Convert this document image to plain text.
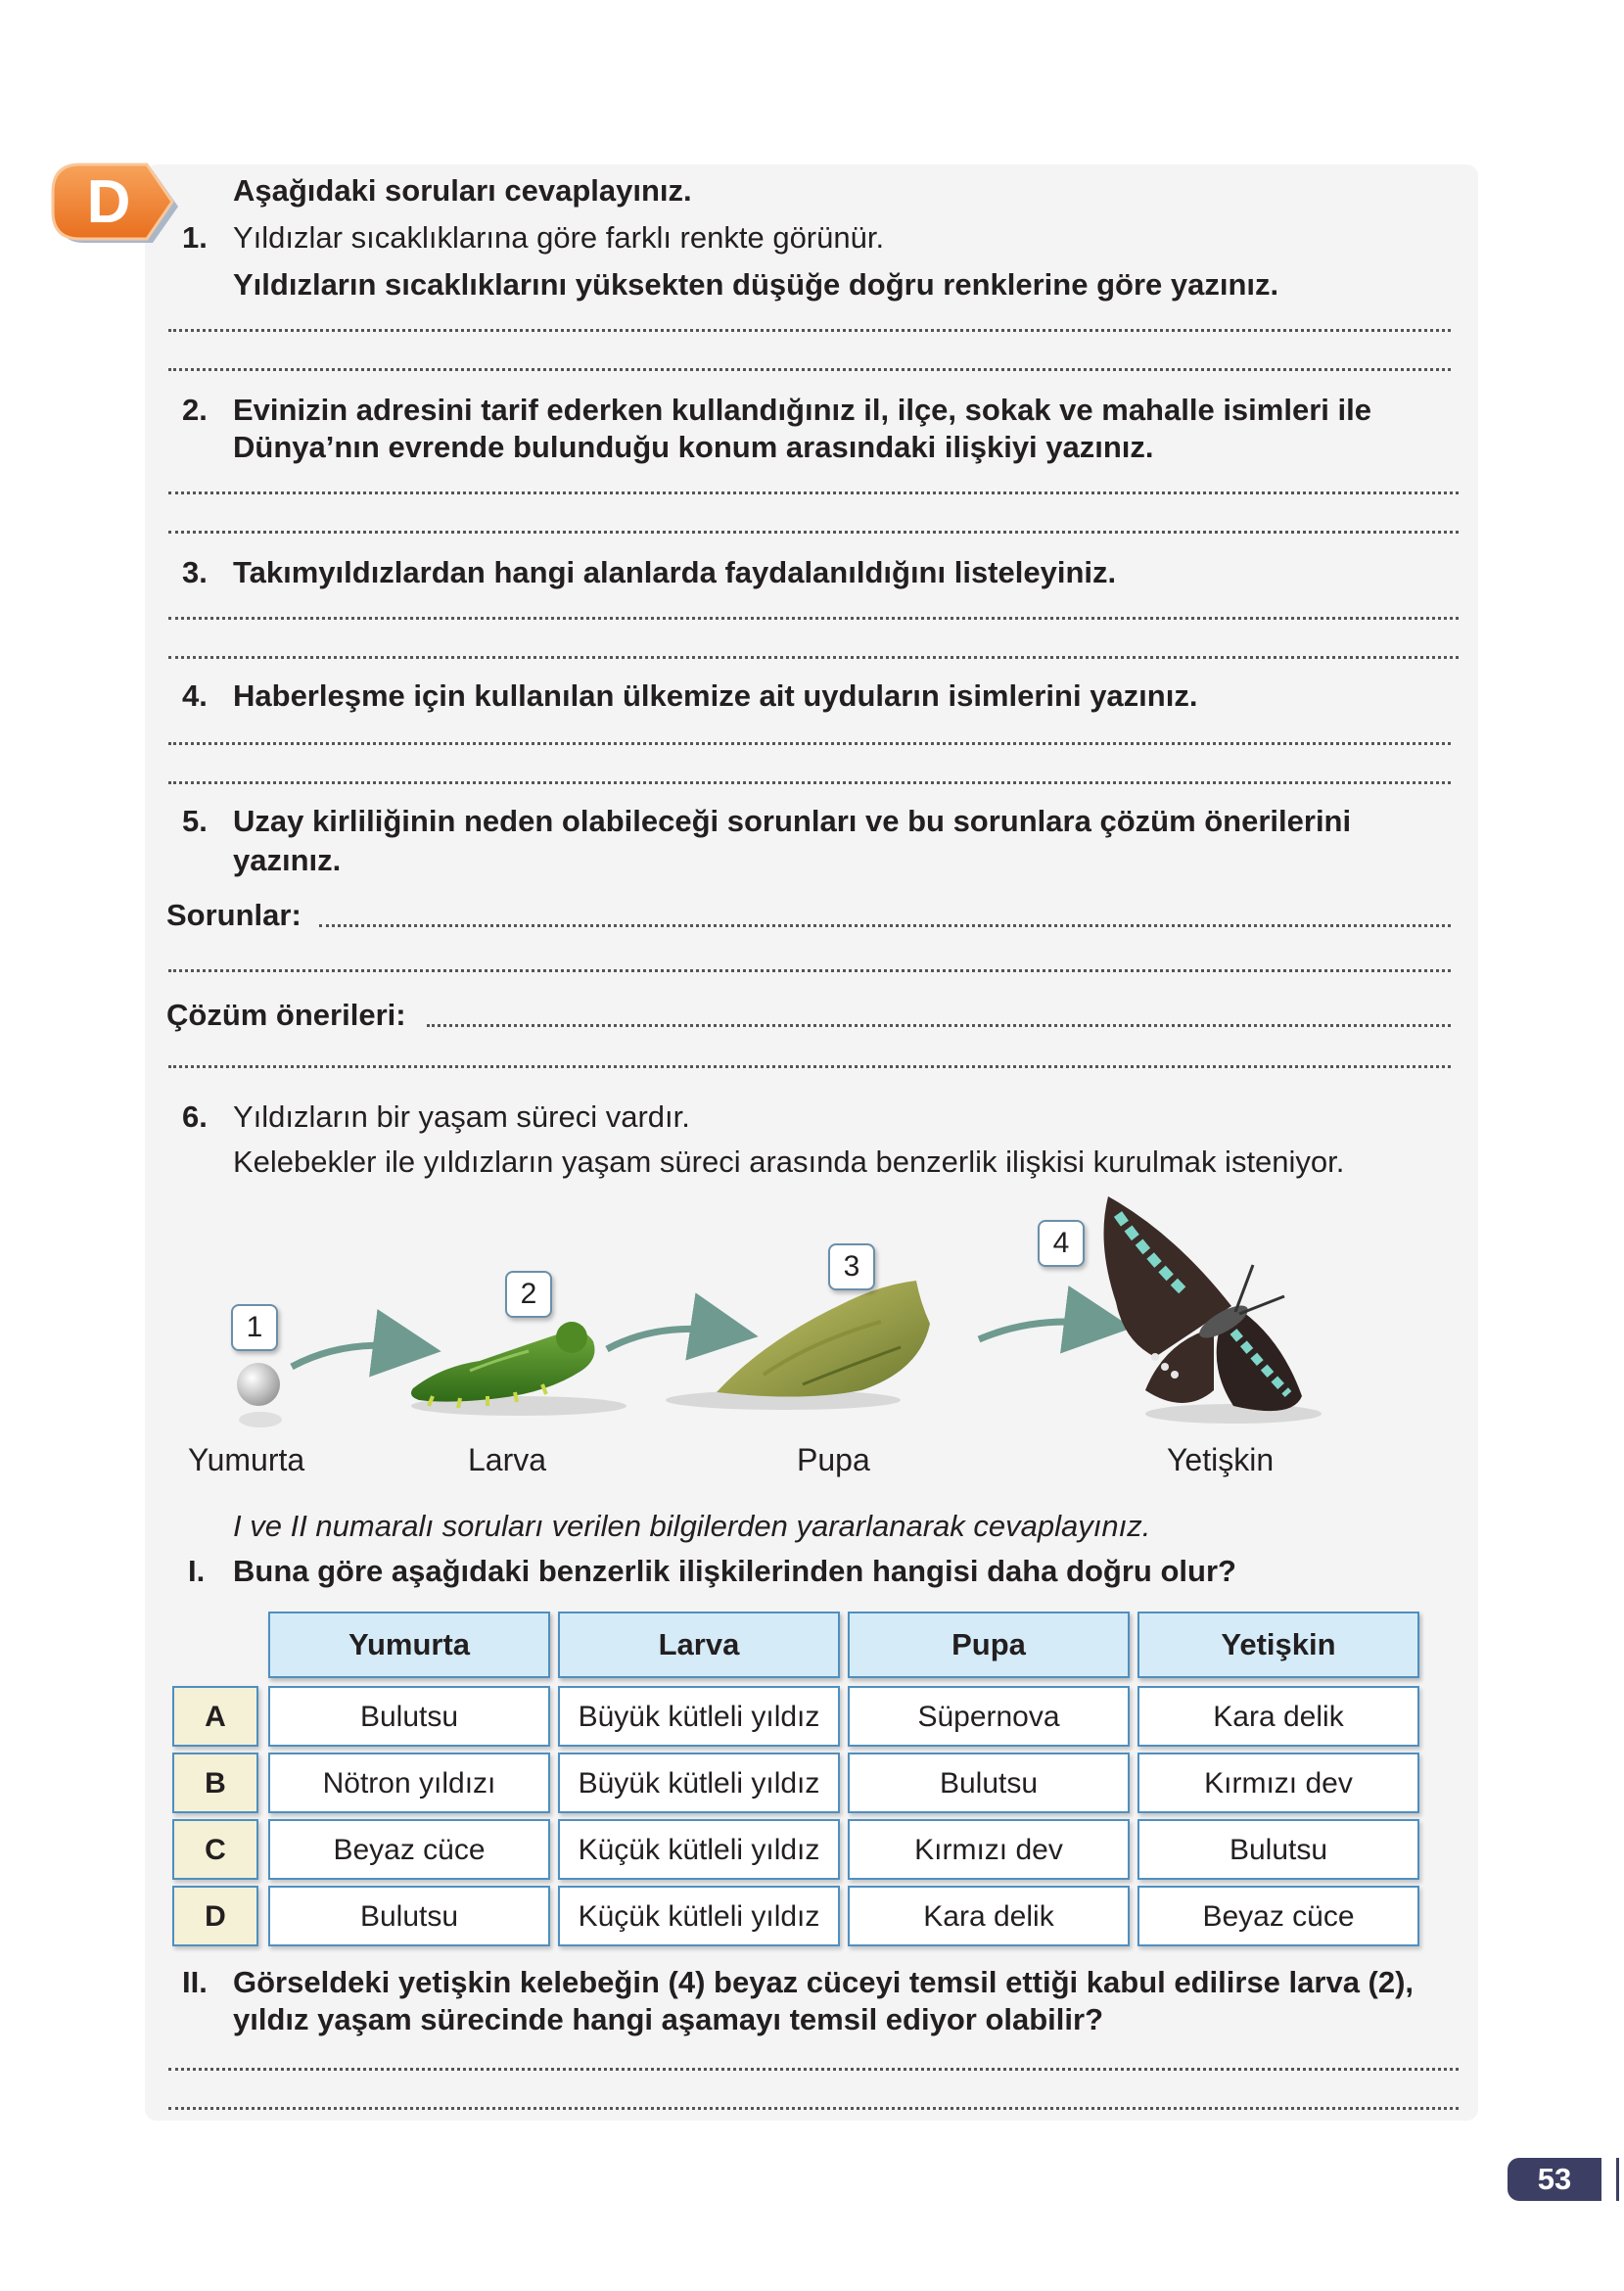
D	Aşağıdaki soruları cevaplayınız.
1. Yıldızlar sıcaklıklarına göre farklı renkte görünür.
Yıldızların sıcaklıklarını yüksekten düşüğe doğru renklerine göre yazınız.
2. Evinizin adresini tarif ederken kullandığınız il, ilçe, sokak ve mahalle isimleri ile
Dünya’nın evrende bulunduğu konum arasındaki ilişkiyi yazınız.
3. Takımyıldızlardan hangi alanlarda faydalanıldığını listeleyiniz.
4. Haberleşme için kullanılan ülkemize ait uyduların isimlerini yazınız.
5. Uzay kirliliğinin neden olabileceği sorunları ve bu sorunlara çözüm önerilerini
yazınız.
Sorunlar:
Çözüm önerileri:
6. Yıldızların bir yaşam süreci vardır.
Kelebekler ile yıldızların yaşam süreci arasında benzerlik ilişkisi kurulmak isteniyor.
1
2
3
4
Yumurta	Larva	Pupa	Yetişkin
I ve II numaralı soruları verilen bilgilerden yararlanarak cevaplayınız.
I. Buna göre aşağıdaki benzerlik ilişkilerinden hangisi daha doğru olur?
Yumurta	Larva	Pupa	Yetişkin
A	Bulutsu	Büyük kütleli yıldız	Süpernova	Kara delik
B	Nötron yıldızı	Büyük kütleli yıldız	Bulutsu	Kırmızı dev
C	Beyaz cüce	Küçük kütleli yıldız	Kırmızı dev	Bulutsu
D	Bulutsu	Küçük kütleli yıldız	Kara delik	Beyaz cüce
II. Görseldeki yetişkin kelebeğin (4) beyaz cüceyi temsil ettiği kabul edilirse larva (2),
yıldız yaşam sürecinde hangi aşamayı temsil ediyor olabilir?
53
